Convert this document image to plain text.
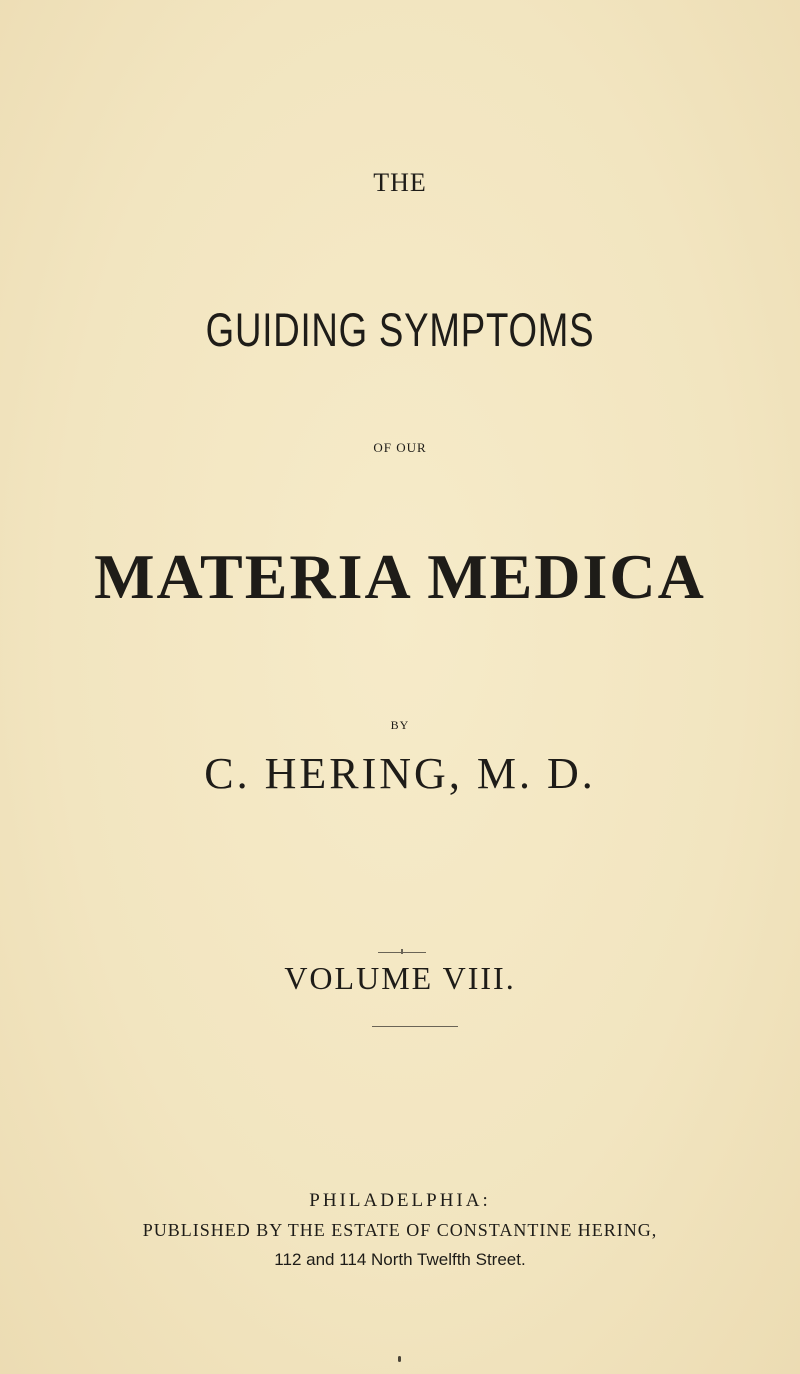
THE
GUIDING SYMPTOMS
OF OUR
MATERIA MEDICA
BY
C. HERING, M. D.
VOLUME VIII.
PHILADELPHIA:
PUBLISHED BY THE ESTATE OF CONSTANTINE HERING,
112 and 114 North Twelfth Street.
